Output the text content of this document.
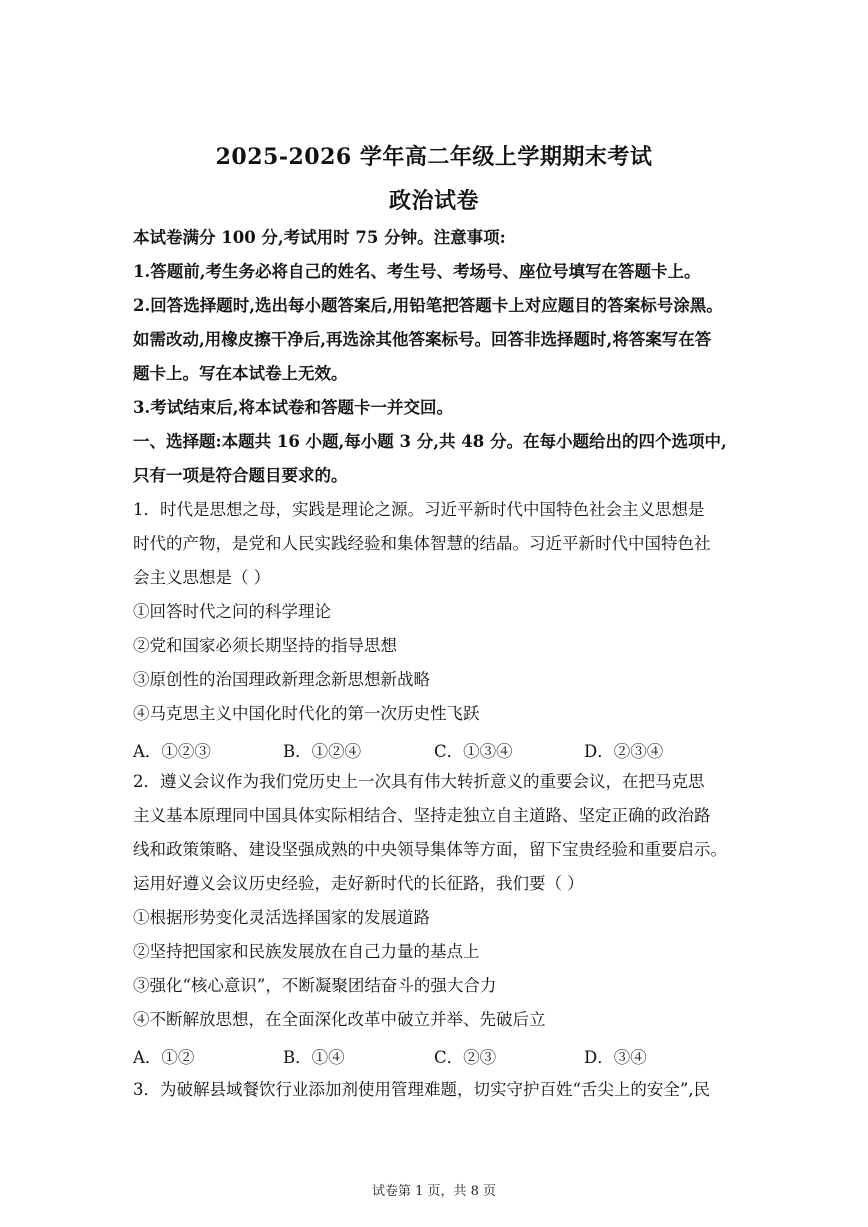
2025-2026 学年高二年级上学期期末考试
政治试卷
本试卷满分 100 分,考试用时 75 分钟。注意事项:
1.答题前,考生务必将自己的姓名、考生号、考场号、座位号填写在答题卡上。
2.回答选择题时,选出每小题答案后,用铅笔把答题卡上对应题目的答案标号涂黑。
如需改动,用橡皮擦干净后,再选涂其他答案标号。回答非选择题时,将答案写在答
题卡上。写在本试卷上无效。
3.考试结束后,将本试卷和答题卡一并交回。
一、选择题:本题共 16 小题,每小题 3 分,共 48 分。在每小题给出的四个选项中,
只有一项是符合题目要求的。
1．时代是思想之母，实践是理论之源。习近平新时代中国特色社会主义思想是
时代的产物，是党和人民实践经验和集体智慧的结晶。习近平新时代中国特色社
会主义思想是（ ）
①回答时代之问的科学理论
②党和国家必须长期坚持的指导思想
③原创性的治国理政新理念新思想新战略
④马克思主义中国化时代化的第一次历史性飞跃
A．①②③	B．①②④	C．①③④	D．②③④
2．遵义会议作为我们党历史上一次具有伟大转折意义的重要会议，在把马克思
主义基本原理同中国具体实际相结合、坚持走独立自主道路、坚定正确的政治路
线和政策策略、建设坚强成熟的中央领导集体等方面，留下宝贵经验和重要启示。
运用好遵义会议历史经验，走好新时代的长征路，我们要（ ）
①根据形势变化灵活选择国家的发展道路
②坚持把国家和民族发展放在自己力量的基点上
③强化“核心意识”，不断凝聚团结奋斗的强大合力
④不断解放思想，在全面深化改革中破立并举、先破后立
A．①②	B．①④	C．②③	D．③④
3．为破解县域餐饮行业添加剂使用管理难题，切实守护百姓“舌尖上的安全”,民
试卷第 1 页，共 8 页
